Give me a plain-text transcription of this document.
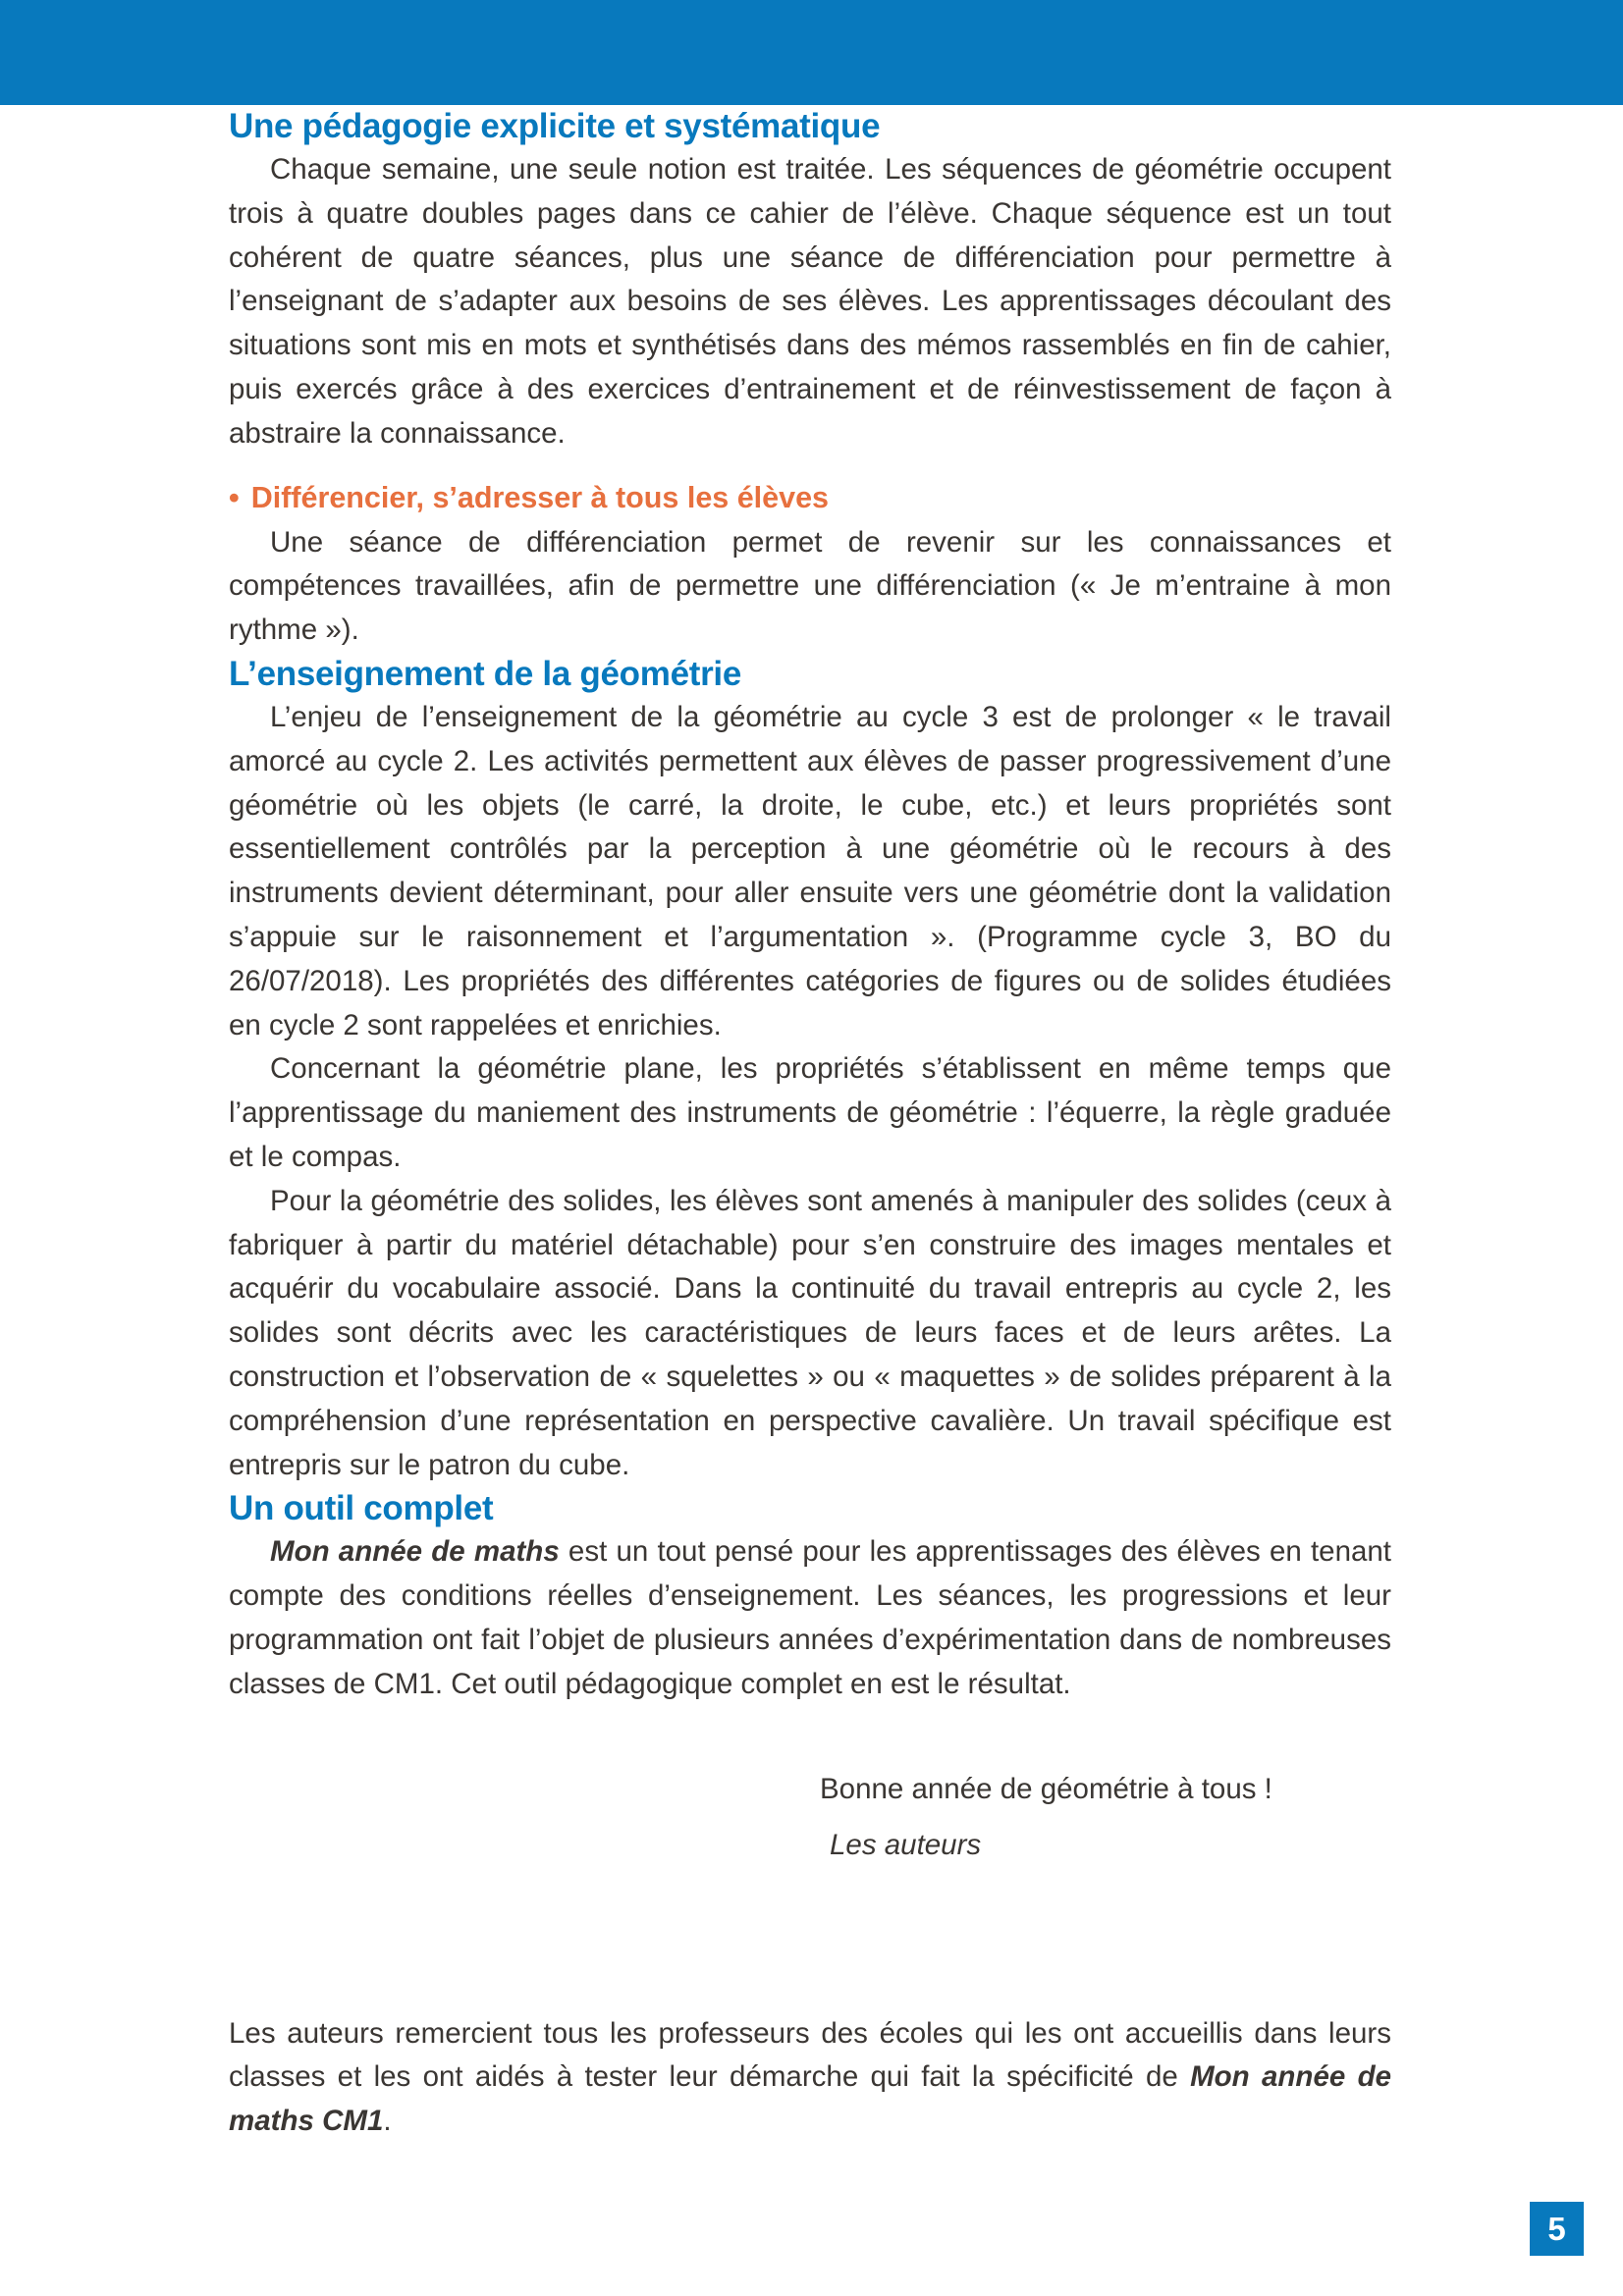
Une pédagogie explicite et systématique

Chaque semaine, une seule notion est traitée. Les séquences de géométrie occupent trois à quatre doubles pages dans ce cahier de l’élève. Chaque séquence est un tout cohérent de quatre séances, plus une séance de différenciation pour permettre à l’enseignant de s’adapter aux besoins de ses élèves. Les apprentissages découlant des situations sont mis en mots et synthétisés dans des mémos rassemblés en fin de cahier, puis exercés grâce à des exercices d’entrainement et de réinvestissement de façon à abstraire la connaissance.

• Différencier, s’adresser à tous les élèves

Une séance de différenciation permet de revenir sur les connaissances et compétences travaillées, afin de permettre une différenciation (« Je m’entraine à mon rythme »).

L’enseignement de la géométrie

L’enjeu de l’enseignement de la géométrie au cycle 3 est de prolonger « le travail amorcé au cycle 2. Les activités permettent aux élèves de passer progressivement d’une géométrie où les objets (le carré, la droite, le cube, etc.) et leurs propriétés sont essentiellement contrôlés par la perception à une géométrie où le recours à des instruments devient déterminant, pour aller ensuite vers une géométrie dont la validation s’appuie sur le raisonnement et l’argumentation ». (Programme cycle 3, BO du 26/07/2018). Les propriétés des différentes catégories de figures ou de solides étudiées en cycle 2 sont rappelées et enrichies.

Concernant la géométrie plane, les propriétés s’établissent en même temps que l’apprentissage du maniement des instruments de géométrie : l’équerre, la règle graduée et le compas.

Pour la géométrie des solides, les élèves sont amenés à manipuler des solides (ceux à fabriquer à partir du matériel détachable) pour s’en construire des images mentales et acquérir du vocabulaire associé. Dans la continuité du travail entrepris au cycle 2, les solides sont décrits avec les caractéristiques de leurs faces et de leurs arêtes. La construction et l’observation de « squelettes » ou « maquettes » de solides préparent à la compréhension d’une représentation en perspective cavalière. Un travail spécifique est entrepris sur le patron du cube.

Un outil complet

Mon année de maths est un tout pensé pour les apprentissages des élèves en tenant compte des conditions réelles d’enseignement. Les séances, les progressions et leur programmation ont fait l’objet de plusieurs années d’expérimentation dans de nombreuses classes de CM1. Cet outil pédagogique complet en est le résultat.

Bonne année de géométrie à tous !

Les auteurs

Les auteurs remercient tous les professeurs des écoles qui les ont accueillis dans leurs classes et les ont aidés à tester leur démarche qui fait la spécificité de Mon année de maths CM1.

5
